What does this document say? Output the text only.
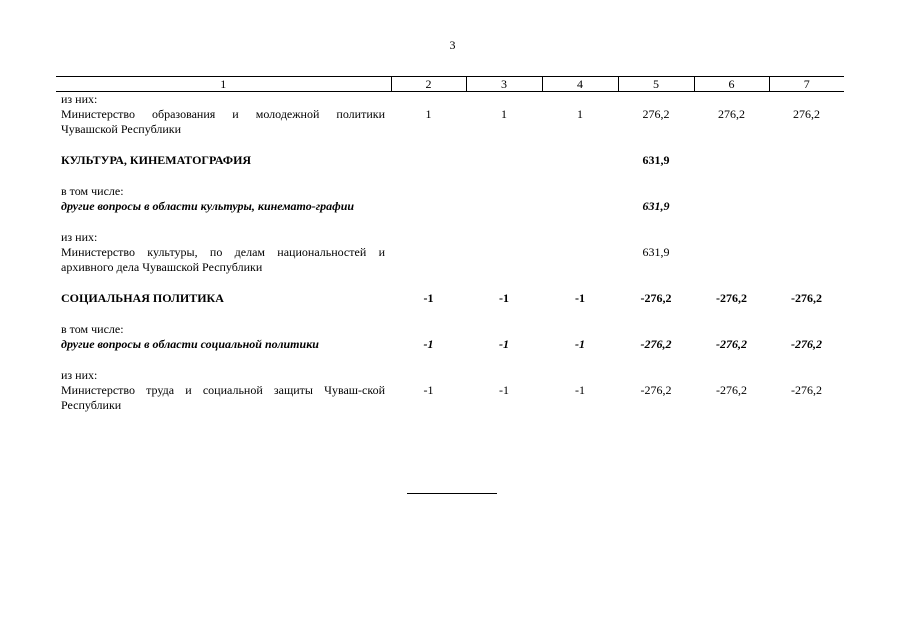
3
1	2	3	4	5	6	7
из них:						
Министерство образования и молодежной политики Чувашской Республики	1	1	1	276,2	276,2	276,2

КУЛЬТУРА, КИНЕМАТОГРАФИЯ				631,9		

в том числе:						
другие вопросы в области культуры, кинемато-графии				631,9		

из них:						
Министерство культуры, по делам национальностей и архивного дела Чувашской Республики				631,9		

СОЦИАЛЬНАЯ ПОЛИТИКА	-1	-1	-1	-276,2	-276,2	-276,2

в том числе:						
другие вопросы в области социальной политики	-1	-1	-1	-276,2	-276,2	-276,2

из них:						
Министерство труда и социальной защиты Чуваш-ской Республики	-1	-1	-1	-276,2	-276,2	-276,2
